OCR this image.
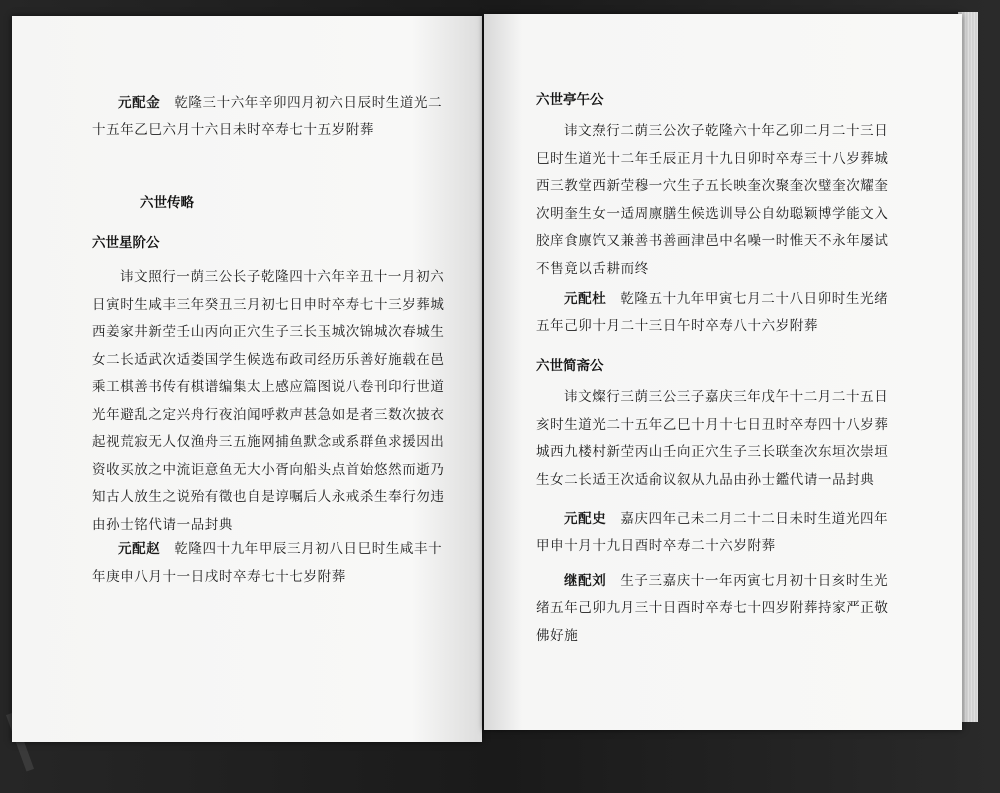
元配金 乾隆三十六年辛卯四月初六日辰时生道光二
十五年乙巳六月十六日未时卒寿七十五岁附葬
六世传略
六世星阶公
讳文照行一荫三公长子乾隆四十六年辛丑十一月初六
日寅时生咸丰三年癸丑三月初七日申时卒寿七十三岁葬城
西姜家井新茔壬山丙向正穴生子三长玉城次锦城次春城生
女二长适武次适娄国学生候选布政司经历乐善好施载在邑
乘工棋善书传有棋谱编集太上感应篇图说八卷刊印行世道
光年避乱之定兴舟行夜泊闻呼救声甚急如是者三数次披衣
起视荒寂无人仅渔舟三五施网捕鱼默念或系群鱼求援因出
资收买放之中流讵意鱼无大小胥向船头点首始悠然而逝乃
知古人放生之说殆有徵也自是谆嘱后人永戒杀生奉行勿违
由孙士铭代请一品封典
元配赵 乾隆四十九年甲辰三月初八日巳时生咸丰十
年庚申八月十一日戌时卒寿七十七岁附葬
六世亭午公
讳文焘行二荫三公次子乾隆六十年乙卯二月二十三日
巳时生道光十二年壬辰正月十九日卯时卒寿三十八岁葬城
西三教堂西新茔穆一穴生子五长映奎次聚奎次璧奎次耀奎
次明奎生女一适周廪膳生候选训导公自幼聪颖博学能文入
胶庠食廪饩又兼善书善画津邑中名噪一时惟天不永年屡试
不售竟以舌耕而终
元配杜 乾隆五十九年甲寅七月二十八日卯时生光绪
五年己卯十月二十三日午时卒寿八十六岁附葬
六世简斋公
讳文燦行三荫三公三子嘉庆三年戊午十二月二十五日
亥时生道光二十五年乙巳十月十七日丑时卒寿四十八岁葬
城西九楼村新茔丙山壬向正穴生子三长联奎次东垣次崇垣
生女二长适王次适俞议叙从九品由孙士鑑代请一品封典
元配史 嘉庆四年己未二月二十二日未时生道光四年
甲申十月十九日酉时卒寿二十六岁附葬
继配刘 生子三嘉庆十一年丙寅七月初十日亥时生光
绪五年己卯九月三十日酉时卒寿七十四岁附葬持家严正敬
佛好施
